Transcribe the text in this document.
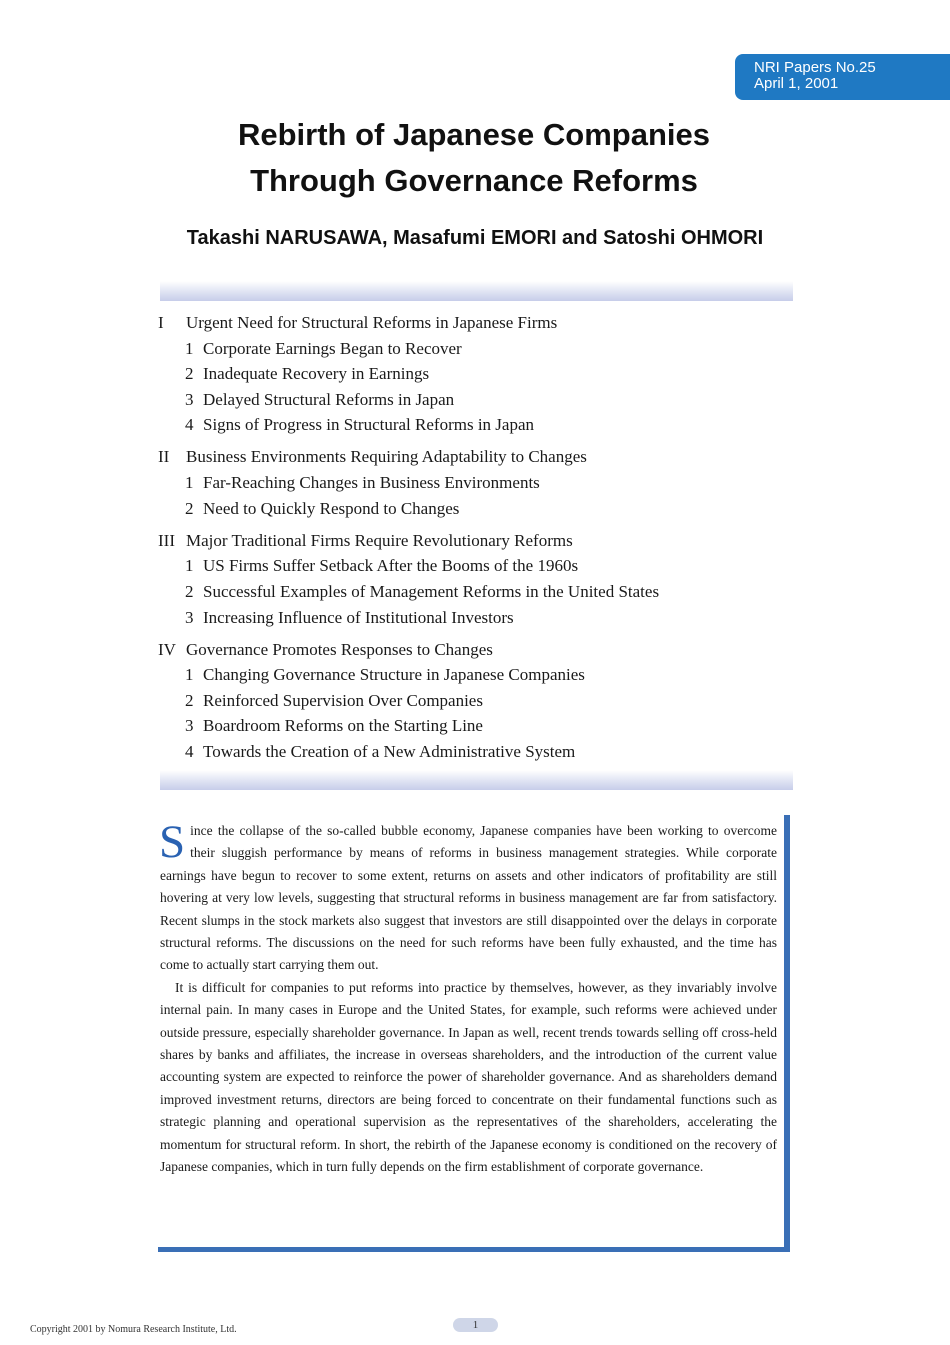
NRI Papers No.25
April 1, 2001
Rebirth of Japanese Companies
Through Governance Reforms
Takashi NARUSAWA, Masafumi EMORI and Satoshi OHMORI
I Urgent Need for Structural Reforms in Japanese Firms
1 Corporate Earnings Began to Recover
2 Inadequate Recovery in Earnings
3 Delayed Structural Reforms in Japan
4 Signs of Progress in Structural Reforms in Japan
II Business Environments Requiring Adaptability to Changes
1 Far-Reaching Changes in Business Environments
2 Need to Quickly Respond to Changes
III Major Traditional Firms Require Revolutionary Reforms
1 US Firms Suffer Setback After the Booms of the 1960s
2 Successful Examples of Management Reforms in the United States
3 Increasing Influence of Institutional Investors
IV Governance Promotes Responses to Changes
1 Changing Governance Structure in Japanese Companies
2 Reinforced Supervision Over Companies
3 Boardroom Reforms on the Starting Line
4 Towards the Creation of a New Administrative System

Since the collapse of the so-called bubble economy, Japanese companies have been working to overcome their sluggish performance by means of reforms in business management strategies. While corporate earnings have begun to recover to some extent, returns on assets and other indicators of profitability are still hovering at very low levels, suggesting that structural reforms in business management are far from satisfactory. Recent slumps in the stock markets also suggest that investors are still disappointed over the delays in corporate structural reforms. The discussions on the need for such reforms have been fully exhausted, and the time has come to actually start carrying them out.

It is difficult for companies to put reforms into practice by themselves, however, as they invariably involve internal pain. In many cases in Europe and the United States, for example, such reforms were achieved under outside pressure, especially shareholder governance. In Japan as well, recent trends towards selling off cross-held shares by banks and affiliates, the increase in overseas shareholders, and the introduction of the current value accounting system are expected to reinforce the power of shareholder governance. And as shareholders demand improved investment returns, directors are being forced to concentrate on their fundamental functions such as strategic planning and operational supervision as the representatives of the shareholders, accelerating the momentum for structural reform. In short, the rebirth of the Japanese economy is conditioned on the recovery of Japanese companies, which in turn fully depends on the firm establishment of corporate governance.

Copyright 2001 by Nomura Research Institute, Ltd.	1
